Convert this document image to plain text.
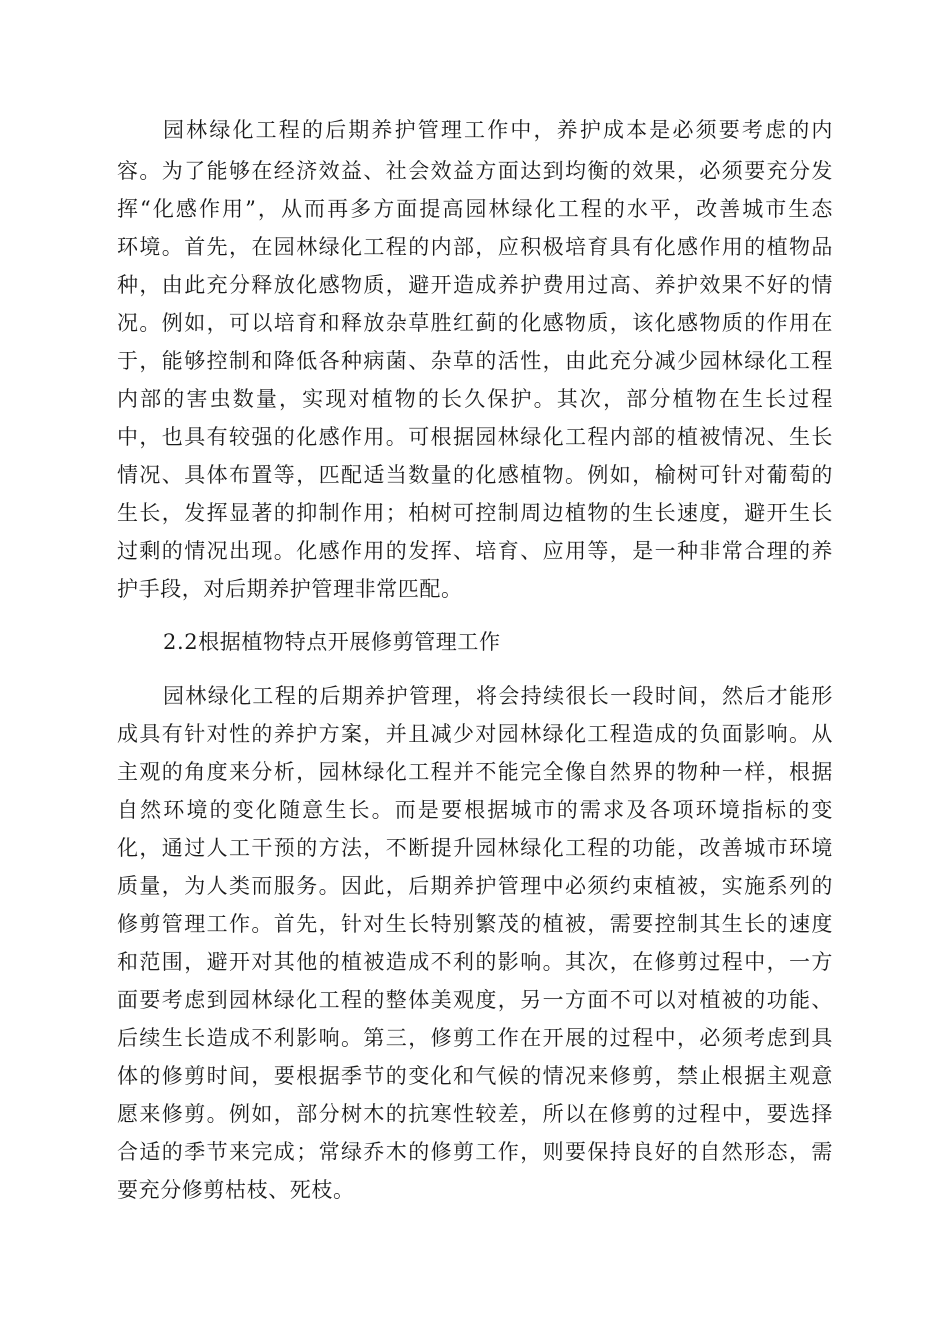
园林绿化工程的后期养护管理工作中，养护成本是必须要考虑的内
容。为了能够在经济效益、社会效益方面达到均衡的效果，必须要充分发
挥“化感作用”，从而再多方面提高园林绿化工程的水平，改善城市生态
环境。首先，在园林绿化工程的内部，应积极培育具有化感作用的植物品
种，由此充分释放化感物质，避开造成养护费用过高、养护效果不好的情
况。例如，可以培育和释放杂草胜红蓟的化感物质，该化感物质的作用在
于，能够控制和降低各种病菌、杂草的活性，由此充分减少园林绿化工程
内部的害虫数量，实现对植物的长久保护。其次，部分植物在生长过程
中，也具有较强的化感作用。可根据园林绿化工程内部的植被情况、生长
情况、具体布置等，匹配适当数量的化感植物。例如，榆树可针对葡萄的
生长，发挥显著的抑制作用；柏树可控制周边植物的生长速度，避开生长
过剩的情况出现。化感作用的发挥、培育、应用等，是一种非常合理的养
护手段，对后期养护管理非常匹配。
2.2根据植物特点开展修剪管理工作
园林绿化工程的后期养护管理，将会持续很长一段时间，然后才能形
成具有针对性的养护方案，并且减少对园林绿化工程造成的负面影响。从
主观的角度来分析，园林绿化工程并不能完全像自然界的物种一样，根据
自然环境的变化随意生长。而是要根据城市的需求及各项环境指标的变
化，通过人工干预的方法，不断提升园林绿化工程的功能，改善城市环境
质量，为人类而服务。因此，后期养护管理中必须约束植被，实施系列的
修剪管理工作。首先，针对生长特别繁茂的植被，需要控制其生长的速度
和范围，避开对其他的植被造成不利的影响。其次，在修剪过程中，一方
面要考虑到园林绿化工程的整体美观度，另一方面不可以对植被的功能、
后续生长造成不利影响。第三，修剪工作在开展的过程中，必须考虑到具
体的修剪时间，要根据季节的变化和气候的情况来修剪，禁止根据主观意
愿来修剪。例如，部分树木的抗寒性较差，所以在修剪的过程中，要选择
合适的季节来完成；常绿乔木的修剪工作，则要保持良好的自然形态，需
要充分修剪枯枝、死枝。
